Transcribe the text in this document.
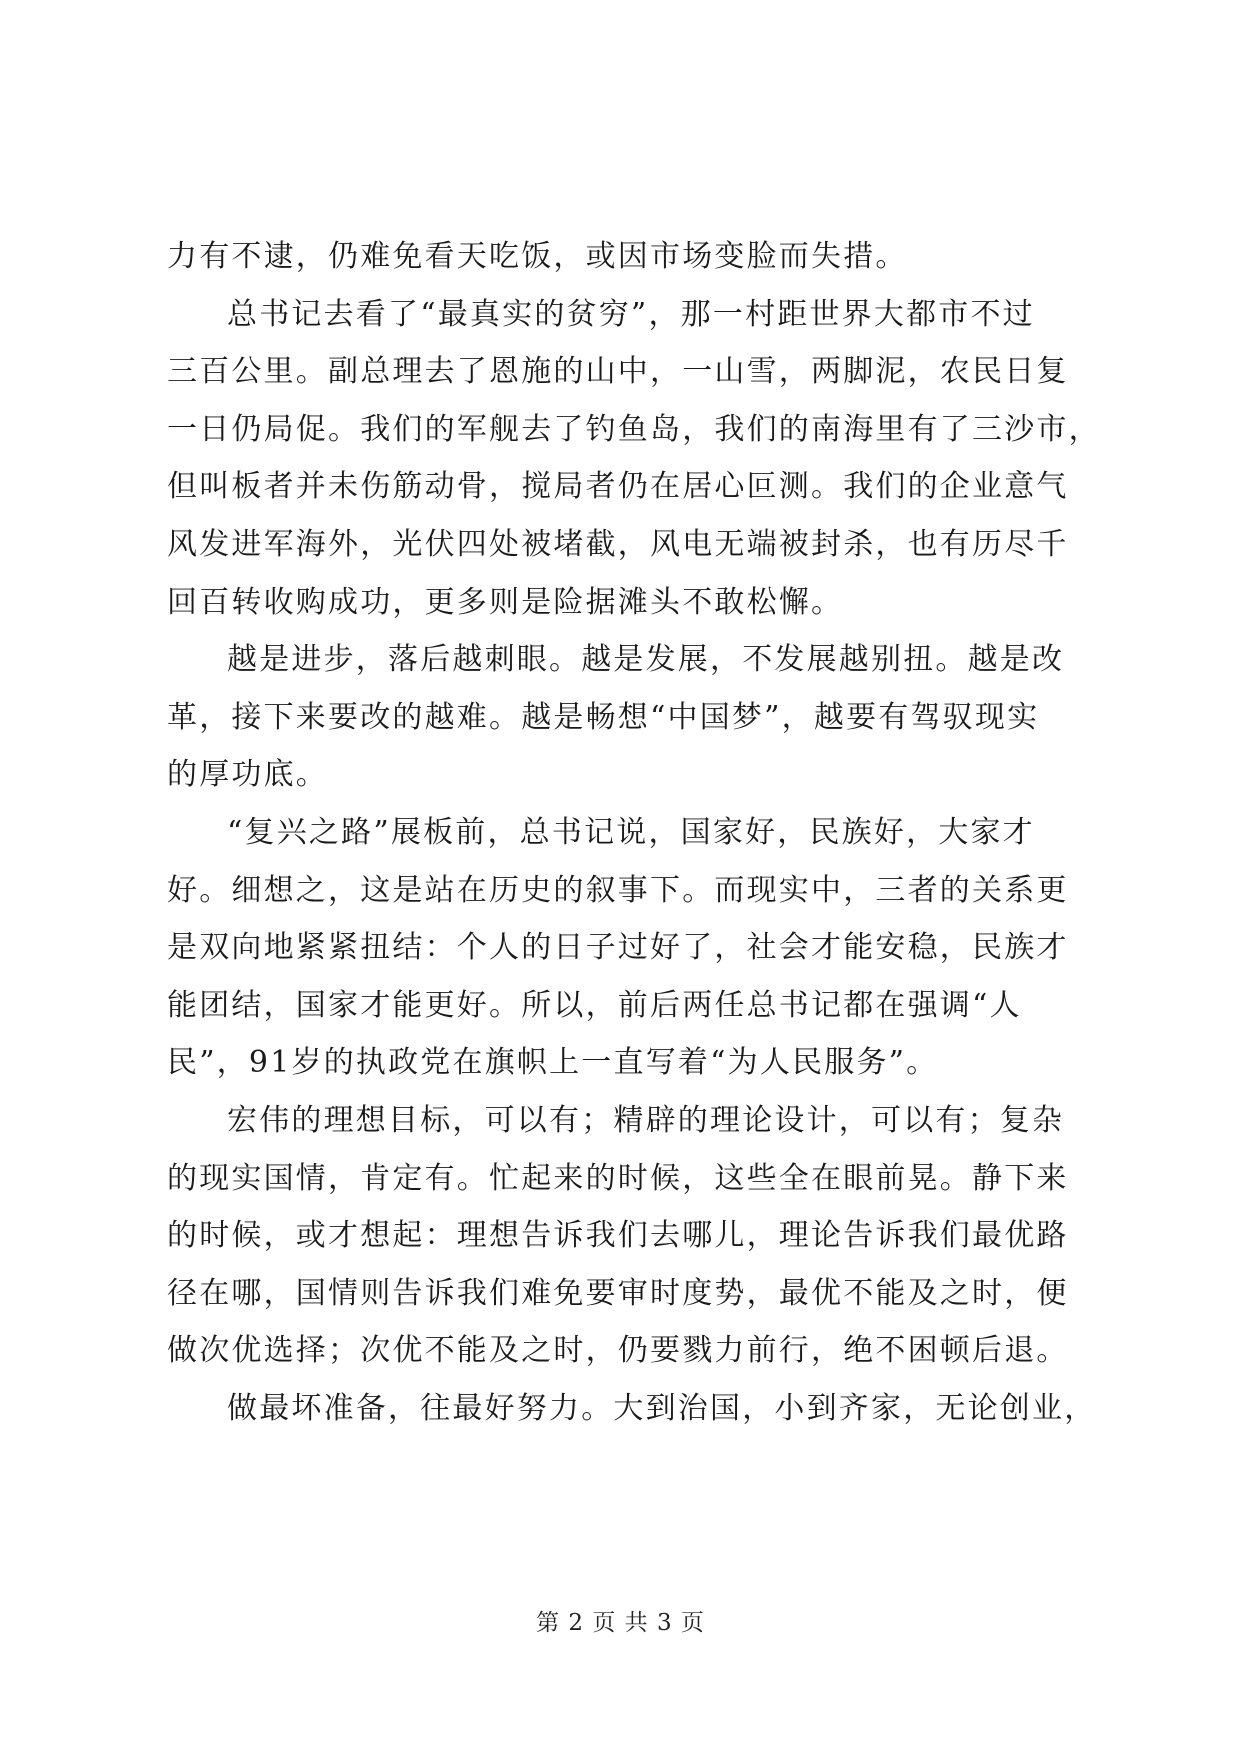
力有不逮，仍难免看天吃饭，或因市场变脸而失措。
总书记去看了“最真实的贫穷”，那一村距世界大都市不过
三百公里。副总理去了恩施的山中，一山雪，两脚泥，农民日复
一日仍局促。我们的军舰去了钓鱼岛，我们的南海里有了三沙市，
但叫板者并未伤筋动骨，搅局者仍在居心叵测。我们的企业意气
风发进军海外，光伏四处被堵截，风电无端被封杀，也有历尽千
回百转收购成功，更多则是险据滩头不敢松懈。
越是进步，落后越刺眼。越是发展，不发展越别扭。越是改
革，接下来要改的越难。越是畅想“中国梦”，越要有驾驭现实
的厚功底。
“复兴之路”展板前，总书记说，国家好，民族好，大家才
好。细想之，这是站在历史的叙事下。而现实中，三者的关系更
是双向地紧紧扭结：个人的日子过好了，社会才能安稳，民族才
能团结，国家才能更好。所以，前后两任总书记都在强调“人
民”，91岁的执政党在旗帜上一直写着“为人民服务”。
宏伟的理想目标，可以有；精辟的理论设计，可以有；复杂
的现实国情，肯定有。忙起来的时候，这些全在眼前晃。静下来
的时候，或才想起：理想告诉我们去哪儿，理论告诉我们最优路
径在哪，国情则告诉我们难免要审时度势，最优不能及之时，便
做次优选择；次优不能及之时，仍要戮力前行，绝不困顿后退。
做最坏准备，往最好努力。大到治国，小到齐家，无论创业，
第 2 页 共 3 页
